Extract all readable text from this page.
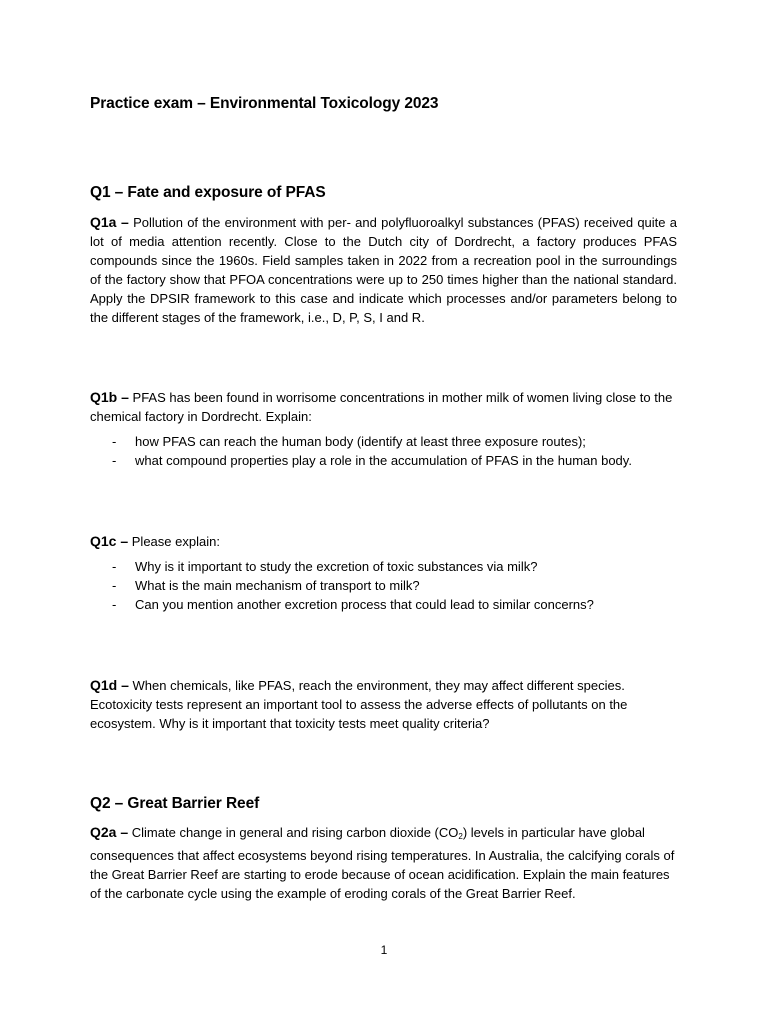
Practice exam – Environmental Toxicology 2023
Q1 – Fate and exposure of PFAS

Q1a – Pollution of the environment with per- and polyfluoroalkyl substances (PFAS) received quite a lot of media attention recently. Close to the Dutch city of Dordrecht, a factory produces PFAS compounds since the 1960s. Field samples taken in 2022 from a recreation pool in the surroundings of the factory show that PFOA concentrations were up to 250 times higher than the national standard. Apply the DPSIR framework to this case and indicate which processes and/or parameters belong to the different stages of the framework, i.e., D, P, S, I and R.

Q1b – PFAS has been found in worrisome concentrations in mother milk of women living close to the chemical factory in Dordrecht. Explain:

- how PFAS can reach the human body (identify at least three exposure routes);
- what compound properties play a role in the accumulation of PFAS in the human body.

Q1c – Please explain:

- Why is it important to study the excretion of toxic substances via milk?
- What is the main mechanism of transport to milk?
- Can you mention another excretion process that could lead to similar concerns?

Q1d – When chemicals, like PFAS, reach the environment, they may affect different species. Ecotoxicity tests represent an important tool to assess the adverse effects of pollutants on the ecosystem. Why is it important that toxicity tests meet quality criteria?

Q2 – Great Barrier Reef

Q2a – Climate change in general and rising carbon dioxide $(CO_2)$ levels in particular have global consequences that affect ecosystems beyond rising temperatures. In Australia, the calcifying corals of the Great Barrier Reef are starting to erode because of ocean acidification. Explain the main features of the carbonate cycle using the example of eroding corals of the Great Barrier Reef.

1
